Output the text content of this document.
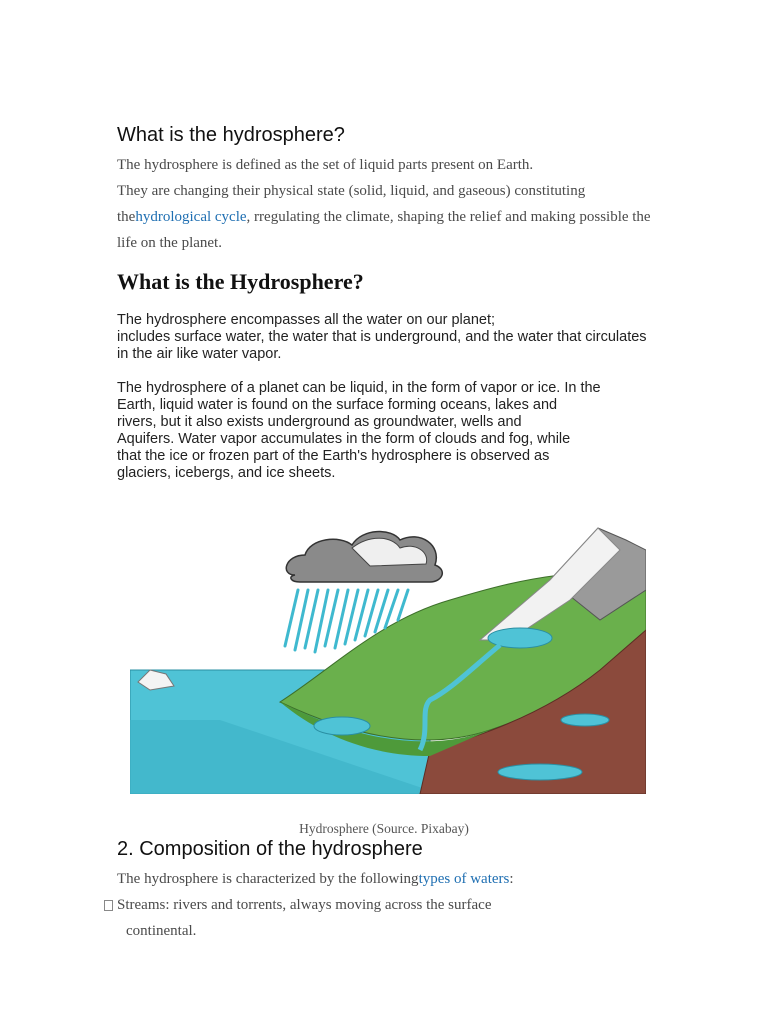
What is the hydrosphere?

The hydrosphere is defined as the set of liquid parts present on Earth.

They are changing their physical state (solid, liquid, and gaseous) constituting

thehydrological cycle, rregulating the climate, shaping the relief and making possible the

life on the planet.

What is the Hydrosphere?

The hydrosphere encompasses all the water on our planet;

includes surface water, the water that is underground, and the water that circulates

in the air like water vapor.

The hydrosphere of a planet can be liquid, in the form of vapor or ice. In the

Earth, liquid water is found on the surface forming oceans, lakes and

rivers, but it also exists underground as groundwater, wells and

Aquifers. Water vapor accumulates in the form of clouds and fog, while

that the ice or frozen part of the Earth's hydrosphere is observed as

glaciers, icebergs, and ice sheets.

Hydrosphere (Source. Pixabay)
2. Composition of the hydrosphere

The hydrosphere is characterized by the followingtypes of waters:

Streams: rivers and torrents, always moving across the surface

continental.
